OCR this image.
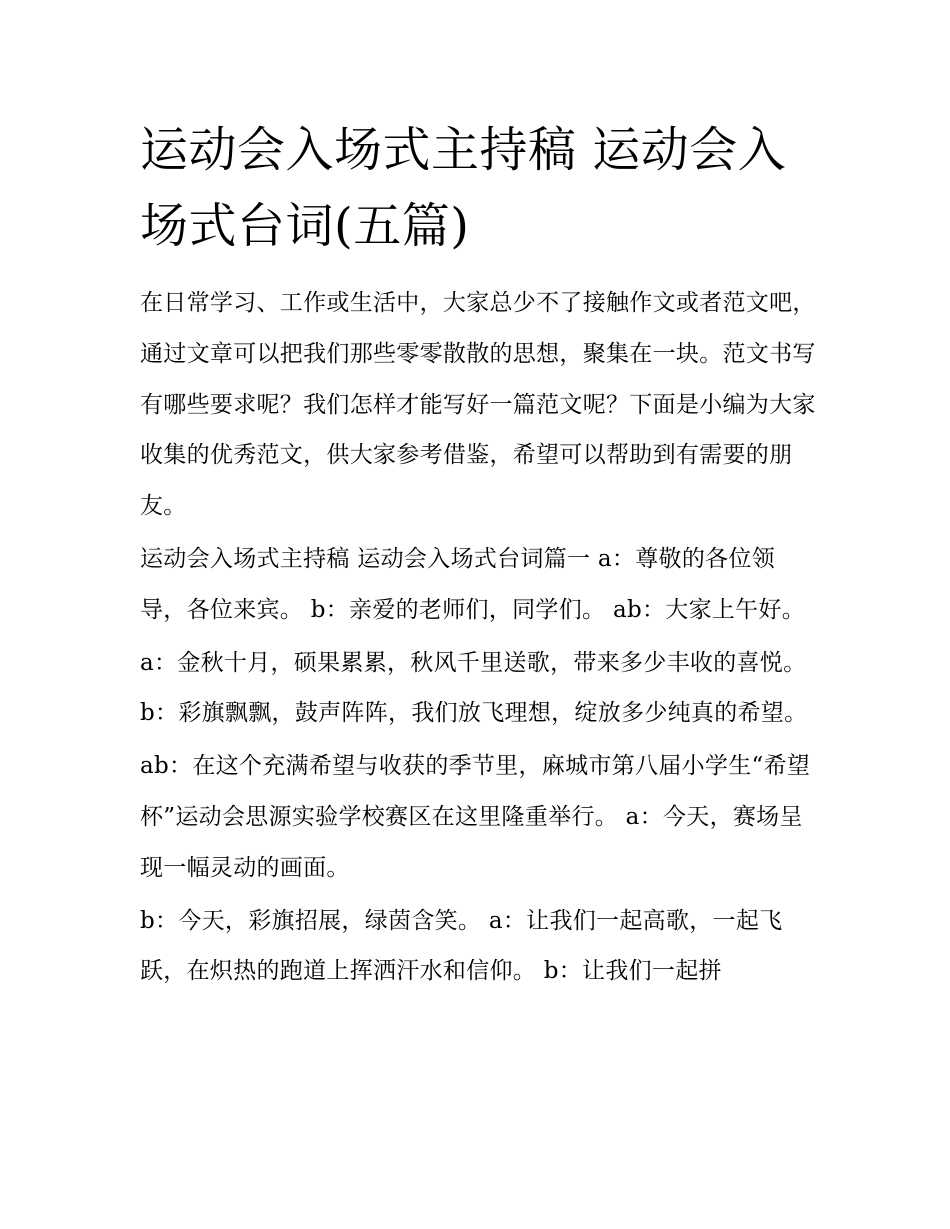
运动会入场式主持稿 运动会入场式台词(五篇)

在日常学习、工作或生活中，大家总少不了接触作文或者范文吧，通过文章可以把我们那些零零散散的思想，聚集在一块。范文书写有哪些要求呢？我们怎样才能写好一篇范文呢？下面是小编为大家收集的优秀范文，供大家参考借鉴，希望可以帮助到有需要的朋友。

运动会入场式主持稿 运动会入场式台词篇一 a：尊敬的各位领导，各位来宾。 b：亲爱的老师们，同学们。 ab：大家上午好。

a：金秋十月，硕果累累，秋风千里送歌，带来多少丰收的喜悦。 b：彩旗飘飘，鼓声阵阵，我们放飞理想，绽放多少纯真的希望。

ab：在这个充满希望与收获的季节里，麻城市第八届小学生“希望杯”运动会思源实验学校赛区在这里隆重举行。 a：今天，赛场呈现一幅灵动的画面。

b：今天，彩旗招展，绿茵含笑。 a：让我们一起高歌，一起飞跃，在炽热的跑道上挥洒汗水和信仰。 b：让我们一起拼
